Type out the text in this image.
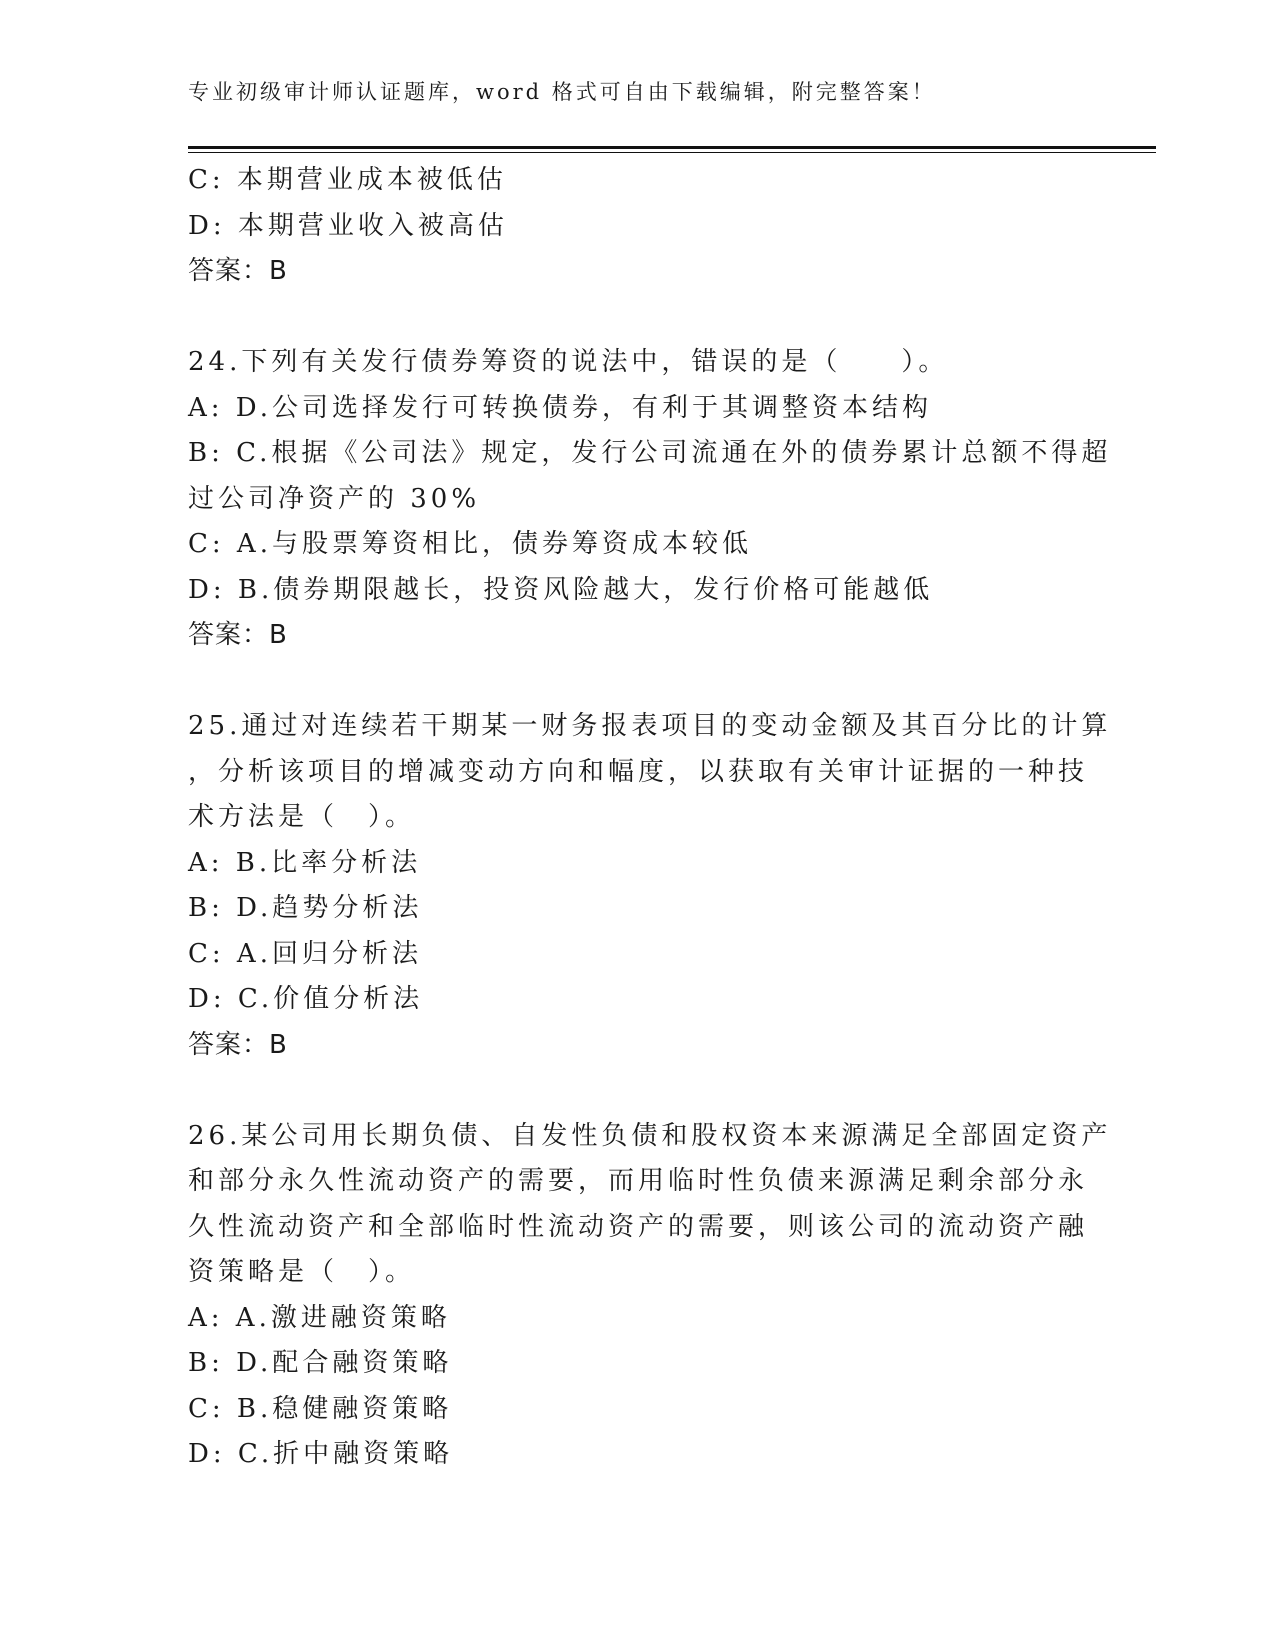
专业初级审计师认证题库，word 格式可自由下载编辑，附完整答案！
C: 本期营业成本被低估
D: 本期营业收入被高估
答案：B
24.下列有关发行债券筹资的说法中，错误的是（　　）。
A: D.公司选择发行可转换债券，有利于其调整资本结构
B: C.根据《公司法》规定，发行公司流通在外的债券累计总额不得超
过公司净资产的 30%
C: A.与股票筹资相比，债券筹资成本较低
D: B.债券期限越长，投资风险越大，发行价格可能越低
答案：B
25.通过对连续若干期某一财务报表项目的变动金额及其百分比的计算
，分析该项目的增减变动方向和幅度，以获取有关审计证据的一种技
术方法是（　）。
A: B.比率分析法
B: D.趋势分析法
C: A.回归分析法
D: C.价值分析法
答案：B
26.某公司用长期负债、自发性负债和股权资本来源满足全部固定资产
和部分永久性流动资产的需要，而用临时性负债来源满足剩余部分永
久性流动资产和全部临时性流动资产的需要，则该公司的流动资产融
资策略是（　）。
A: A.激进融资策略
B: D.配合融资策略
C: B.稳健融资策略
D: C.折中融资策略
